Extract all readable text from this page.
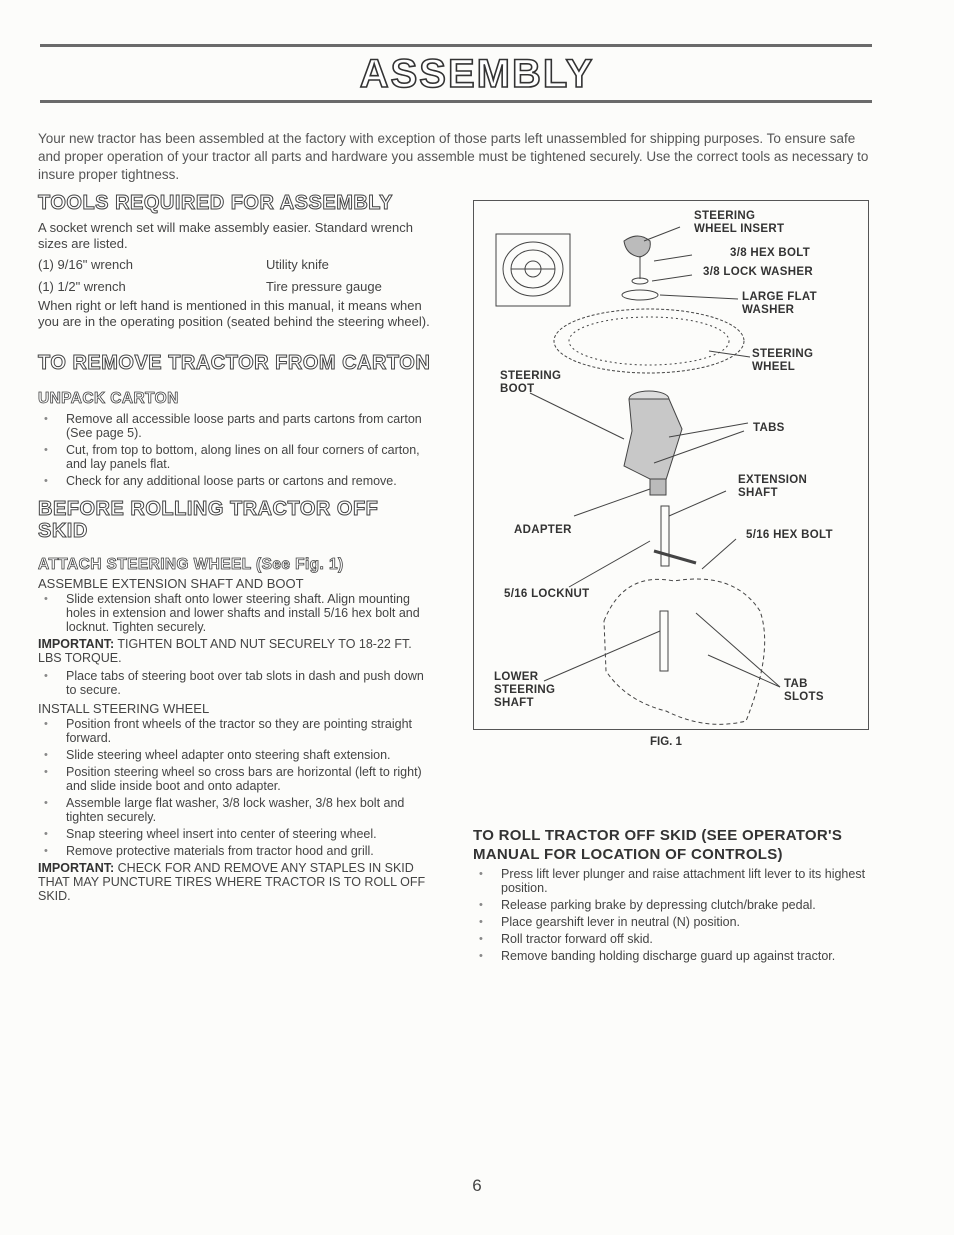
ASSEMBLY
Your new tractor has been assembled at the factory with exception of those parts left unassembled for shipping purposes. To ensure safe and proper operation of your tractor all parts and hardware you assemble must be tightened securely. Use the correct tools as necessary to insure proper tightness.
TOOLS REQUIRED FOR ASSEMBLY

A socket wrench set will make assembly easier. Standard wrench sizes are listed.

(1) 9/16" wrench	Utility knife
(1) 1/2" wrench	Tire pressure gauge

When right or left hand is mentioned in this manual, it means when you are in the operating position (seated behind the steering wheel).

TO REMOVE TRACTOR FROM CARTON
UNPACK CARTON
• Remove all accessible loose parts and parts cartons from carton (See page 5).
• Cut, from top to bottom, along lines on all four corners of carton, and lay panels flat.
• Check for any additional loose parts or cartons and remove.
BEFORE ROLLING TRACTOR OFF SKID
ATTACH STEERING WHEEL (See Fig. 1)
ASSEMBLE EXTENSION SHAFT AND BOOT
• Slide extension shaft onto lower steering shaft. Align mounting holes in extension and lower shafts and install 5/16 hex bolt and locknut. Tighten securely.
IMPORTANT: TIGHTEN BOLT AND NUT SECURELY TO 18-22 FT. LBS TORQUE.
• Place tabs of steering boot over tab slots in dash and push down to secure.
INSTALL STEERING WHEEL
• Position front wheels of the tractor so they are pointing straight forward.
• Slide steering wheel adapter onto steering shaft extension.
• Position steering wheel so cross bars are horizontal (left to right) and slide inside boot and onto adapter.
• Assemble large flat washer, 3/8 lock washer, 3/8 hex bolt and tighten securely.
• Snap steering wheel insert into center of steering wheel.
• Remove protective materials from tractor hood and grill.
IMPORTANT: CHECK FOR AND REMOVE ANY STAPLES IN SKID THAT MAY PUNCTURE TIRES WHERE TRACTOR IS TO ROLL OFF SKID.
STEERING
WHEEL INSERT
3/8 HEX BOLT
3/8 LOCK WASHER
LARGE FLAT
WASHER
STEERING
WHEEL
STEERING
BOOT
TABS
EXTENSION
SHAFT
ADAPTER	5/16 HEX BOLT
5/16 LOCKNUT
LOWER
STEERING
SHAFT
TAB
SLOTS
FIG. 1
TO ROLL TRACTOR OFF SKID (SEE OPERATOR'S MANUAL FOR LOCATION OF CONTROLS)
• Press lift lever plunger and raise attachment lift lever to its highest position.
• Release parking brake by depressing clutch/brake pedal.
• Place gearshift lever in neutral (N) position.
• Roll tractor forward off skid.
• Remove banding holding discharge guard up against tractor.
6
